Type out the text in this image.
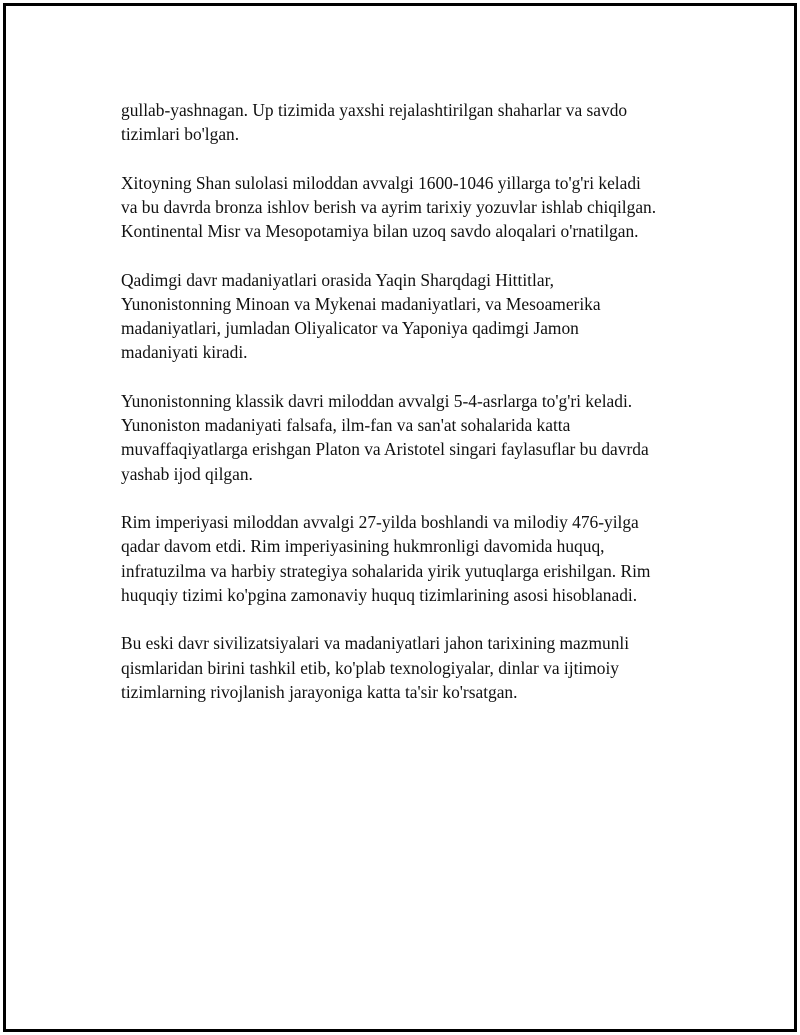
gullab-yashnagan. Up tizimida yaxshi rejalashtirilgan shaharlar va savdo
tizimlari bo'lgan.

Xitoyning Shan sulolasi miloddan avvalgi 1600-1046 yillarga to'g'ri keladi
va bu davrda bronza ishlov berish va ayrim tarixiy yozuvlar ishlab chiqilgan.
Kontinental Misr va Mesopotamiya bilan uzoq savdo aloqalari o'rnatilgan.

Qadimgi davr madaniyatlari orasida Yaqin Sharqdagi Hittitlar,
Yunonistonning Minoan va Mykenai madaniyatlari, va Mesoamerika
madaniyatlari, jumladan Oliyalicator va Yaponiya qadimgi Jamon
madaniyati kiradi.

Yunonistonning klassik davri miloddan avvalgi 5-4-asrlarga to'g'ri keladi.
Yunoniston madaniyati falsafa, ilm-fan va san'at sohalarida katta
muvaffaqiyatlarga erishgan Platon va Aristotel singari faylasuflar bu davrda
yashab ijod qilgan.

Rim imperiyasi miloddan avvalgi 27-yilda boshlandi va milodiy 476-yilga
qadar davom etdi. Rim imperiyasining hukmronligi davomida huquq,
infratuzilma va harbiy strategiya sohalarida yirik yutuqlarga erishilgan. Rim
huquqiy tizimi ko'pgina zamonaviy huquq tizimlarining asosi hisoblanadi.

Bu eski davr sivilizatsiyalari va madaniyatlari jahon tarixining mazmunli
qismlaridan birini tashkil etib, ko'plab texnologiyalar, dinlar va ijtimoiy
tizimlarning rivojlanish jarayoniga katta ta'sir ko'rsatgan.
